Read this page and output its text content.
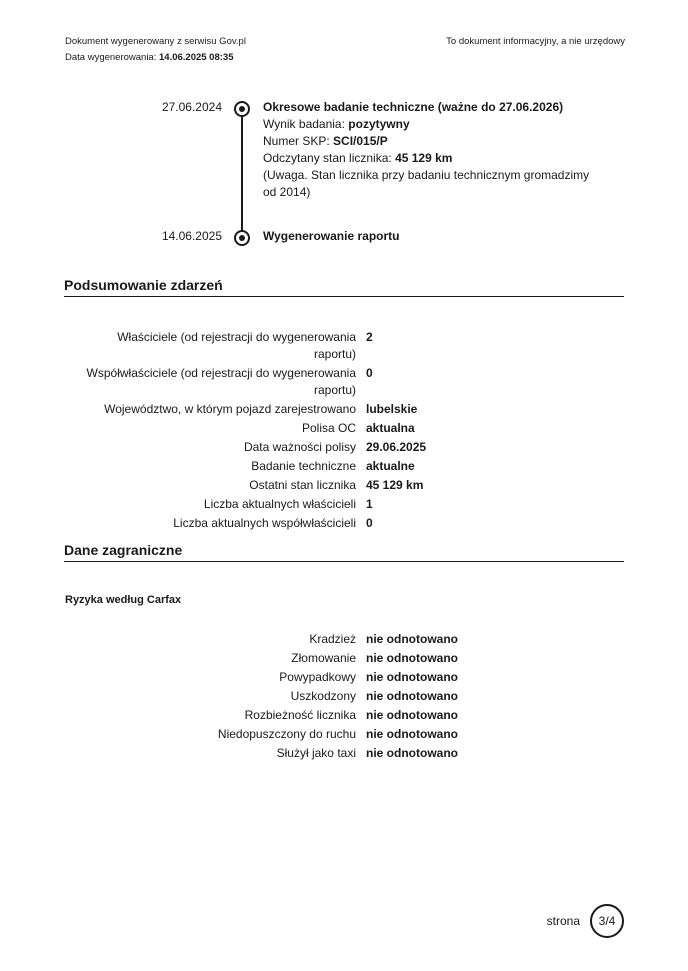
Dokument wygenerowany z serwisu Gov.pl
Data wygenerowania: 14.06.2025 08:35
To dokument informacyjny, a nie urzędowy
27.06.2024	Okresowe badanie techniczne (ważne do 27.06.2026)
Wynik badania: pozytywny
Numer SKP: SCI/015/P
Odczytany stan licznika: 45 129 km
(Uwaga. Stan licznika przy badaniu technicznym gromadzimy od 2014)
14.06.2025	Wygenerowanie raportu
Podsumowanie zdarzeń
Właściciele (od rejestracji do wygenerowania raportu)
2
Współwłaściciele (od rejestracji do wygenerowania raportu)
0
Województwo, w którym pojazd zarejestrowano lubelskie
Polisa OC aktualna
Data ważności polisy 29.06.2025
Badanie techniczne aktualne
Ostatni stan licznika 45 129 km
Liczba aktualnych właścicieli 1
Liczba aktualnych współwłaścicieli 0
Dane zagraniczne
Ryzyka według Carfax
Kradzież nie odnotowano
Złomowanie nie odnotowano
Powypadkowy nie odnotowano
Uszkodzony nie odnotowano
Rozbieżność licznika nie odnotowano
Niedopuszczony do ruchu nie odnotowano
Służył jako taxi nie odnotowano
strona	3/4
